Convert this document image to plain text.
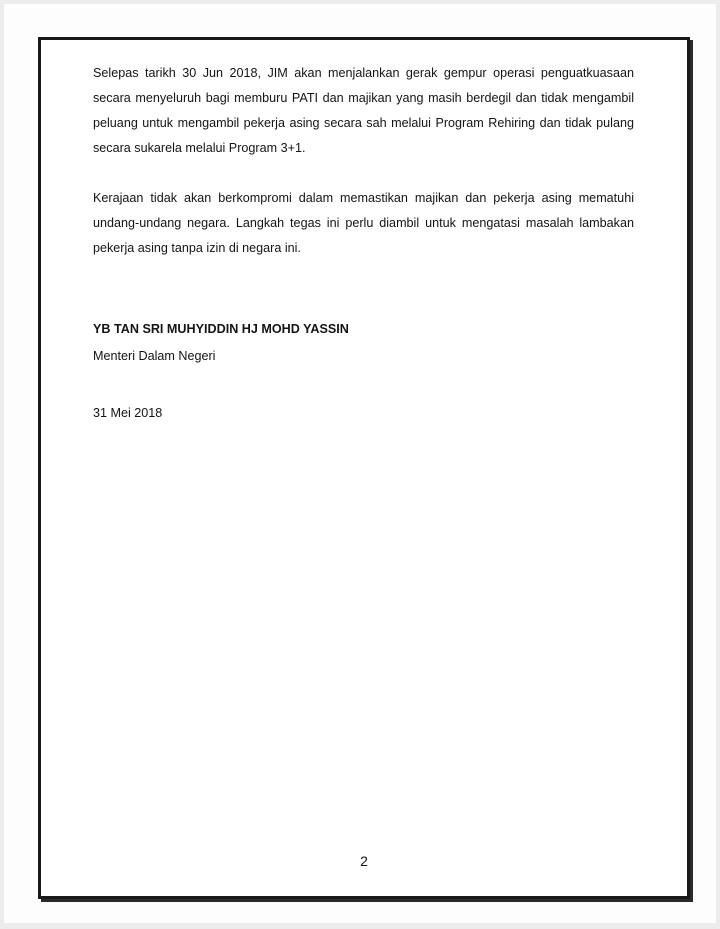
Selepas tarikh 30 Jun 2018, JIM akan menjalankan gerak gempur operasi penguatkuasaan secara menyeluruh bagi memburu PATI dan majikan yang masih berdegil dan tidak mengambil peluang untuk mengambil pekerja asing secara sah melalui Program Rehiring dan tidak pulang secara sukarela melalui Program 3+1.

Kerajaan tidak akan berkompromi dalam memastikan majikan dan pekerja asing mematuhi undang-undang negara. Langkah tegas ini perlu diambil untuk mengatasi masalah lambakan pekerja asing tanpa izin di negara ini.

YB TAN SRI MUHYIDDIN HJ MOHD YASSIN

Menteri Dalam Negeri

31 Mei 2018

2
